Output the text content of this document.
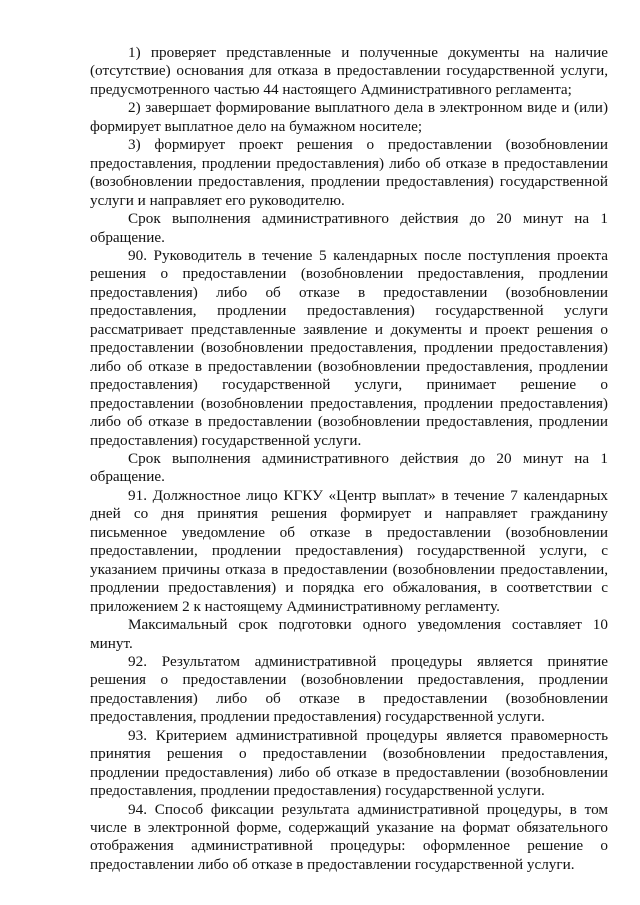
1) проверяет представленные и полученные документы на наличие (отсутствие) основания для отказа в предоставлении государственной услуги, предусмотренного частью 44 настоящего Административного регламента;

2) завершает формирование выплатного дела в электронном виде и (или) формирует выплатное дело на бумажном носителе;

3) формирует проект решения о предоставлении (возобновлении предоставления, продлении предоставления) либо об отказе в предоставлении (возобновлении предоставления, продлении предоставления) государственной услуги и направляет его руководителю.

Срок выполнения административного действия до 20 минут на 1 обращение.

90. Руководитель в течение 5 календарных после поступления проекта решения о предоставлении (возобновлении предоставления, продлении предоставления) либо об отказе в предоставлении (возобновлении предоставления, продлении предоставления) государственной услуги рассматривает представленные заявление и документы и проект решения о предоставлении (возобновлении предоставления, продлении предоставления) либо об отказе в предоставлении (возобновлении предоставления, продлении предоставления) государственной услуги, принимает решение о предоставлении (возобновлении предоставления, продлении предоставления) либо об отказе в предоставлении (возобновлении предоставления, продлении предоставления) государственной услуги.

Срок выполнения административного действия до 20 минут на 1 обращение.

91. Должностное лицо КГКУ «Центр выплат» в течение 7 календарных дней со дня принятия решения формирует и направляет гражданину письменное уведомление об отказе в предоставлении (возобновлении предоставлении, продлении предоставления) государственной услуги, с указанием причины отказа в предоставлении (возобновлении предоставлении, продлении предоставления) и порядка его обжалования, в соответствии с приложением 2 к настоящему Административному регламенту.

Максимальный срок подготовки одного уведомления составляет 10 минут.

92. Результатом административной процедуры является принятие решения о предоставлении (возобновлении предоставления, продлении предоставления) либо об отказе в предоставлении (возобновлении предоставления, продлении предоставления) государственной услуги.

93. Критерием административной процедуры является правомерность принятия решения о предоставлении (возобновлении предоставления, продлении предоставления) либо об отказе в предоставлении (возобновлении предоставления, продлении предоставления) государственной услуги.

94. Способ фиксации результата административной процедуры, в том числе в электронной форме, содержащий указание на формат обязательного отображения административной процедуры: оформленное решение о предоставлении либо об отказе в предоставлении государственной услуги.
